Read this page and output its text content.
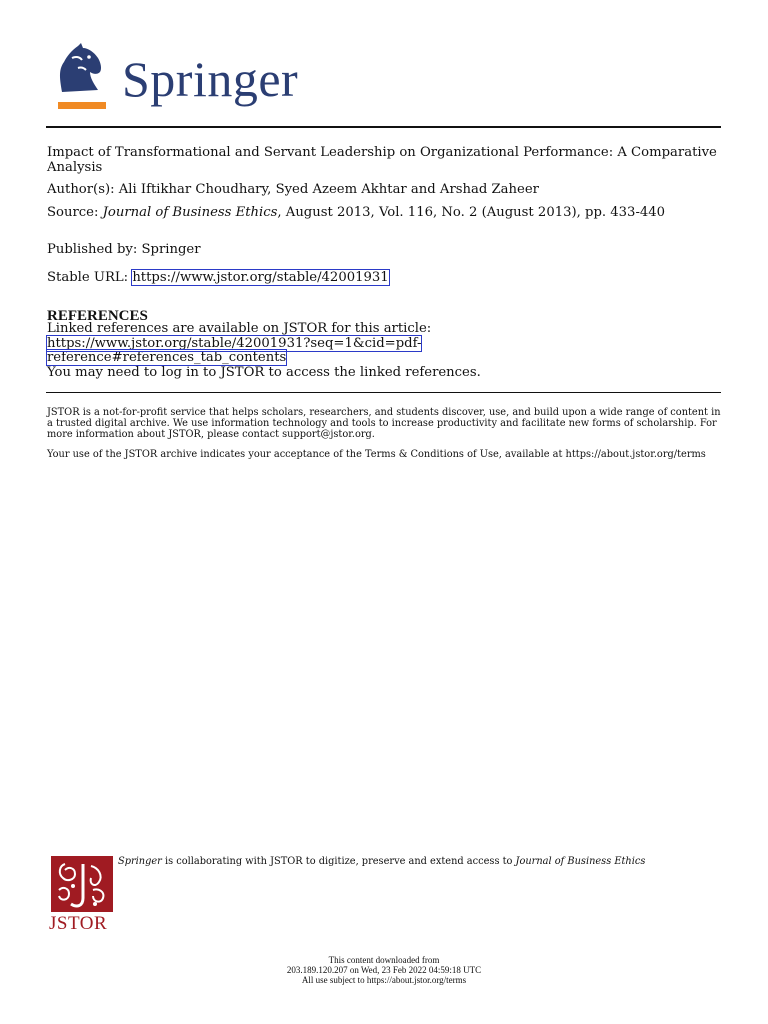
Springer
Impact of Transformational and Servant Leadership on Organizational Performance: A Comparative Analysis
Author(s): Ali Iftikhar Choudhary, Syed Azeem Akhtar and Arshad Zaheer
Source: Journal of Business Ethics, August 2013, Vol. 116, No. 2 (August 2013), pp. 433-440
Published by: Springer
Stable URL: https://www.jstor.org/stable/42001931
REFERENCES
Linked references are available on JSTOR for this article:
https://www.jstor.org/stable/42001931?seq=1&cid=pdf-
reference#references_tab_contents
You may need to log in to JSTOR to access the linked references.
JSTOR is a not-for-profit service that helps scholars, researchers, and students discover, use, and build upon a wide range of content in a trusted digital archive. We use information technology and tools to increase productivity and facilitate new forms of scholarship. For more information about JSTOR, please contact support@jstor.org.
Your use of the JSTOR archive indicates your acceptance of the Terms & Conditions of Use, available at https://about.jstor.org/terms
JSTOR
Springer is collaborating with JSTOR to digitize, preserve and extend access to Journal of Business Ethics
This content downloaded from
203.189.120.207 on Wed, 23 Feb 2022 04:59:18 UTC
All use subject to https://about.jstor.org/terms
